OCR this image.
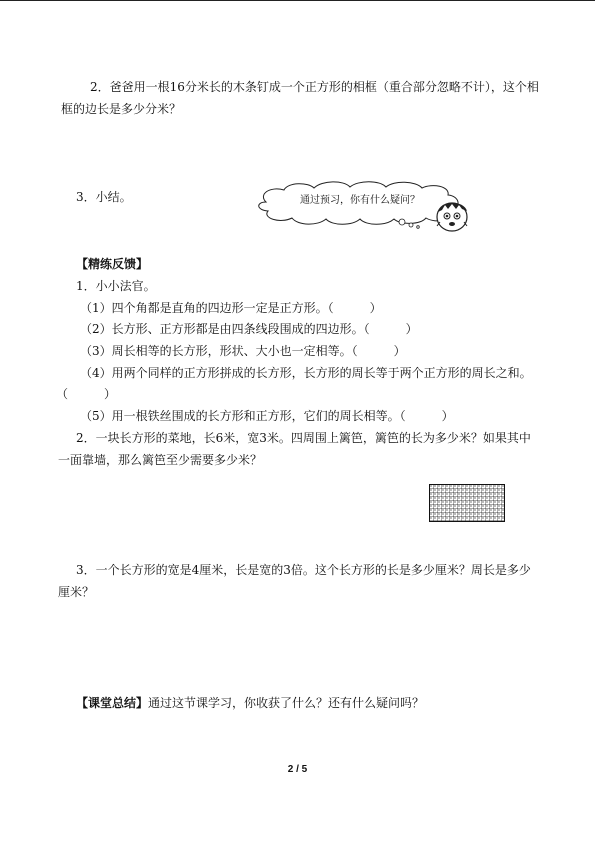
2．爸爸用一根16分米长的木条钉成一个正方形的相框（重合部分忽略不计），这个相
框的边长是多少分米？
3．小结。	通过预习，你有什么疑问？
【精练反馈】
1．小小法官。
（1）四个角都是直角的四边形一定是正方形。（　　　）
（2）长方形、正方形都是由四条线段围成的四边形。（　　　）
（3）周长相等的长方形，形状、大小也一定相等。（　　　）
（4）用两个同样的正方形拼成的长方形，长方形的周长等于两个正方形的周长之和。
（　　　）
（5）用一根铁丝围成的长方形和正方形，它们的周长相等。（　　　）
2．一块长方形的菜地，长6米，宽3米。四周围上篱笆，篱笆的长为多少米？如果其中
一面靠墙，那么篱笆至少需要多少米？
3．一个长方形的宽是4厘米，长是宽的3倍。这个长方形的长是多少厘米？周长是多少
厘米？
【课堂总结】通过这节课学习，你收获了什么？还有什么疑问吗？
2 / 5
